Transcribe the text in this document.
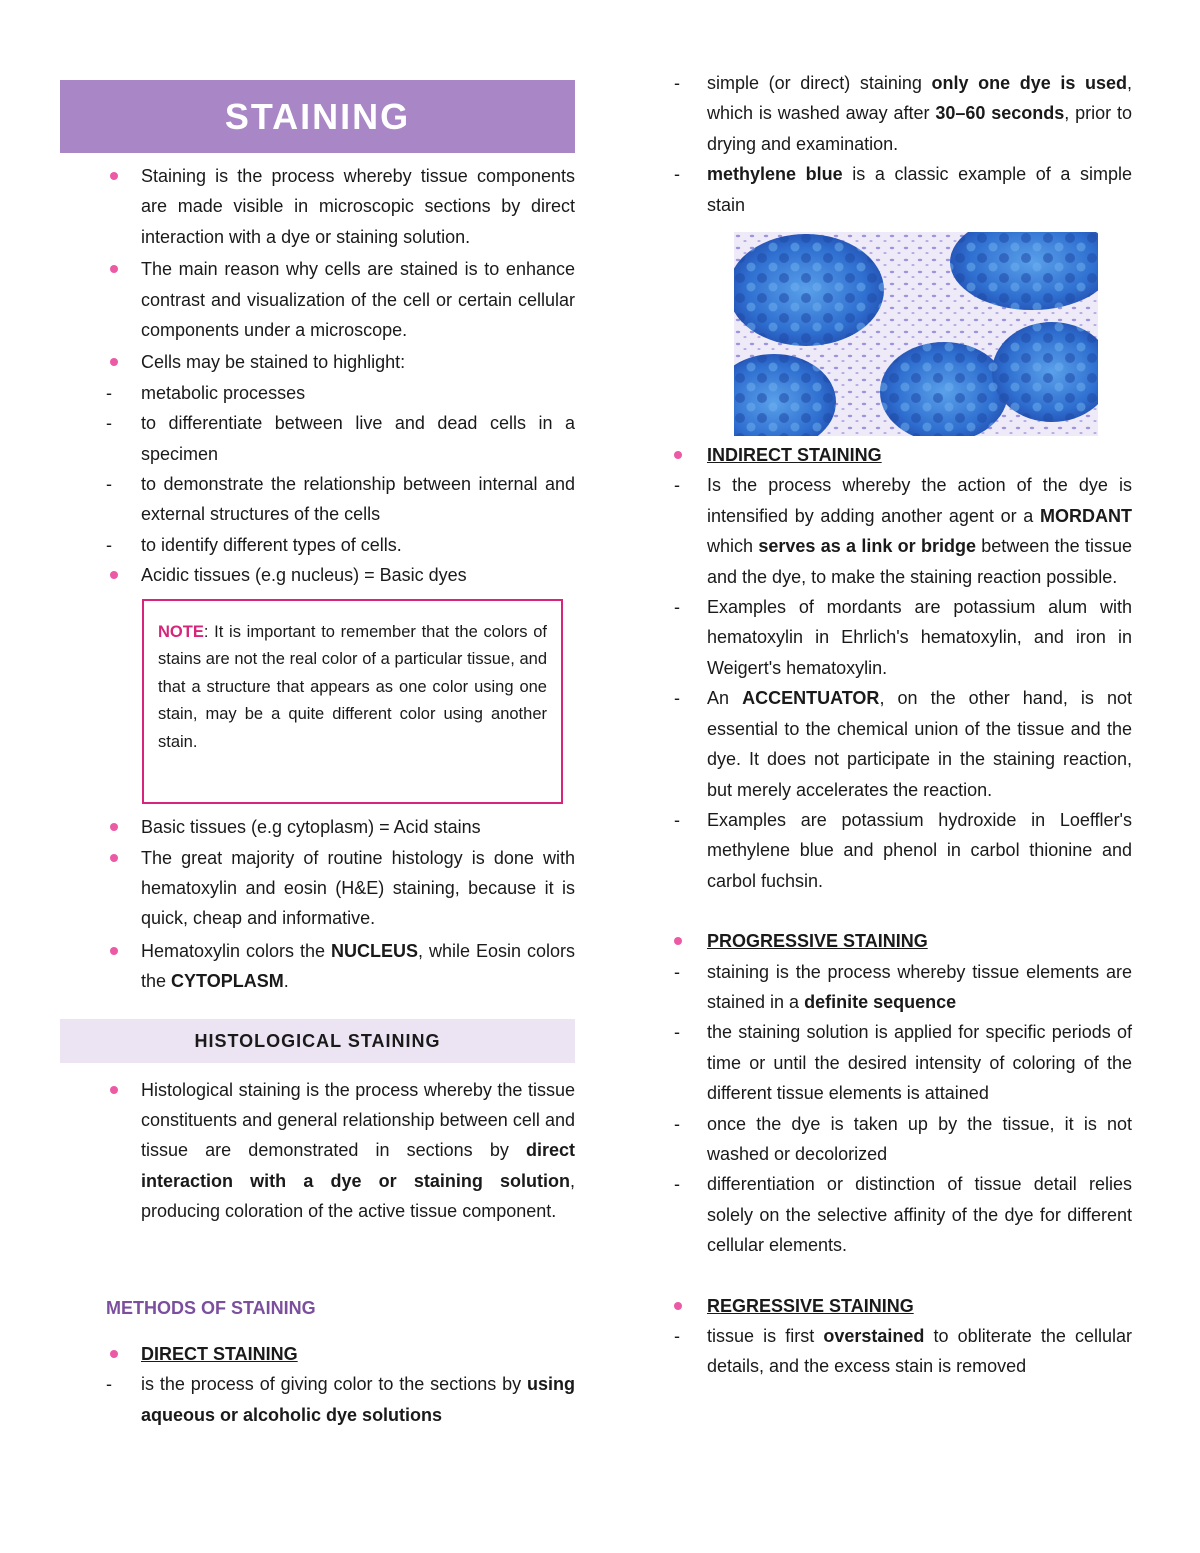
STAINING
Staining is the process whereby tissue components are made visible in microscopic sections by direct interaction with a dye or staining solution.
The main reason why cells are stained is to enhance contrast and visualization of the cell or certain cellular components under a microscope.
Cells may be stained to highlight:
- metabolic processes
- to differentiate between live and dead cells in a specimen
- to demonstrate the relationship between internal and external structures of the cells
- to identify different types of cells.
Acidic tissues (e.g nucleus) = Basic dyes
NOTE: It is important to remember that the colors of stains are not the real color of a particular tissue, and that a structure that appears as one color using one stain, may be a quite different color using another stain.
Basic tissues (e.g cytoplasm) = Acid stains
The great majority of routine histology is done with hematoxylin and eosin (H&E) staining, because it is quick, cheap and informative.
Hematoxylin colors the NUCLEUS, while Eosin colors the CYTOPLASM.
HISTOLOGICAL STAINING
Histological staining is the process whereby the tissue constituents and general relationship between cell and tissue are demonstrated in sections by direct interaction with a dye or staining solution, producing coloration of the active tissue component.
METHODS OF STAINING
DIRECT STAINING
- is the process of giving color to the sections by using aqueous or alcoholic dye solutions
- simple (or direct) staining only one dye is used, which is washed away after 30–60 seconds, prior to drying and examination.
- methylene blue is a classic example of a simple stain
INDIRECT STAINING
- Is the process whereby the action of the dye is intensified by adding another agent or a MORDANT which serves as a link or bridge between the tissue and the dye, to make the staining reaction possible.
- Examples of mordants are potassium alum with hematoxylin in Ehrlich's hematoxylin, and iron in Weigert's hematoxylin.
- An ACCENTUATOR, on the other hand, is not essential to the chemical union of the tissue and the dye. It does not participate in the staining reaction, but merely accelerates the reaction.
- Examples are potassium hydroxide in Loeffler's methylene blue and phenol in carbol thionine and carbol fuchsin.
PROGRESSIVE STAINING
- staining is the process whereby tissue elements are stained in a definite sequence
- the staining solution is applied for specific periods of time or until the desired intensity of coloring of the different tissue elements is attained
- once the dye is taken up by the tissue, it is not washed or decolorized
- differentiation or distinction of tissue detail relies solely on the selective affinity of the dye for different cellular elements.
REGRESSIVE STAINING
- tissue is first overstained to obliterate the cellular details, and the excess stain is removed
